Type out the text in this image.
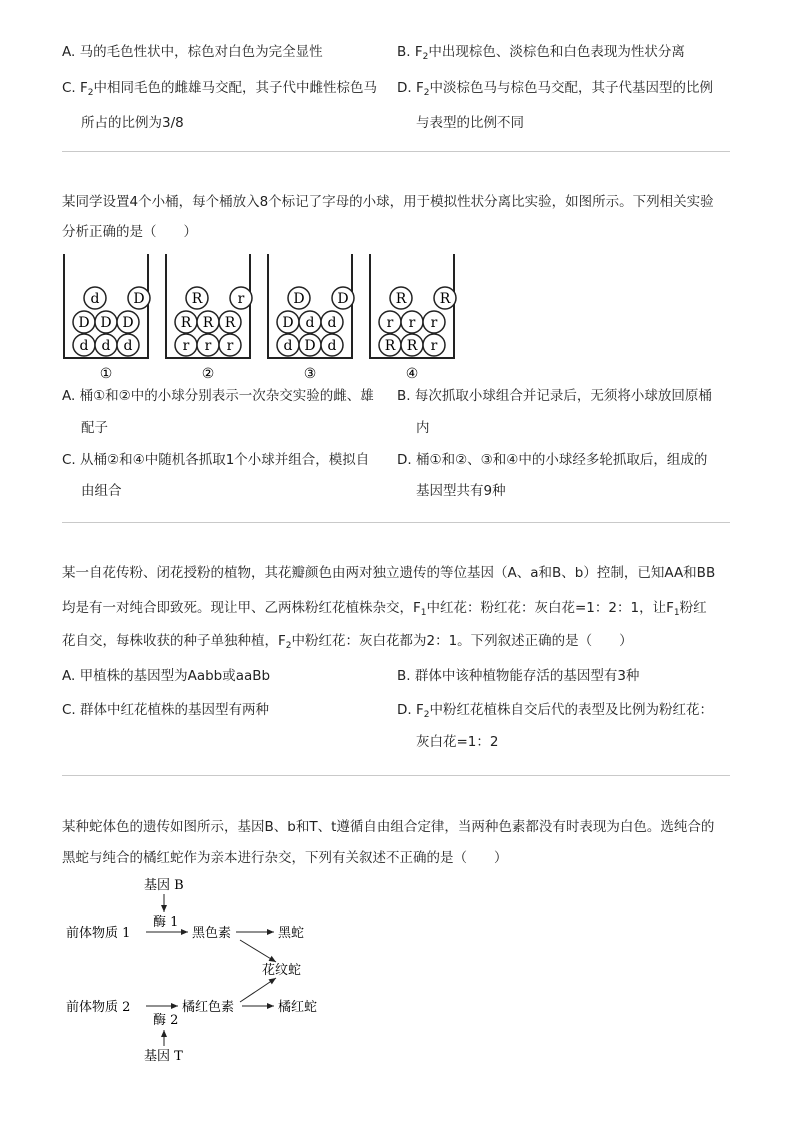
A. 马的毛色性状中，棕色对白色为完全显性	B. $F_2$中出现棕色、淡棕色和白色表现为性状分离
C. $F_2$中相同毛色的雌雄马交配，其子代中雌性棕色马
所占的比例为3/8
D. $F_2$中淡棕色马与棕色马交配，其子代基因型的比例
与表型的比例不同
某同学设置4个小桶，每个桶放入8个标记了字母的小球，用于模拟性状分离比实验，如图所示。下列相关实验
分析正确的是（　　）
d D
D D D
d d d
①
R	r
R R R
r r r
②
D D
D d d
d D d
③
R R
r r r
R R r
④
A. 桶①和②中的小球分别表示一次杂交实验的雌、雄
配子
B. 每次抓取小球组合并记录后，无须将小球放回原桶
内
C. 从桶②和④中随机各抓取1个小球并组合，模拟自
由组合
D. 桶①和②、③和④中的小球经多轮抓取后，组成的
基因型共有9种
某一自花传粉、闭花授粉的植物，其花瓣颜色由两对独立遗传的等位基因（A、a和B、b）控制，已知AA和BB
均是有一对纯合即致死。现让甲、乙两株粉红花植株杂交，$F_1$中红花：粉红花：灰白花=1：2：1，让$F_1$粉红
花自交，每株收获的种子单独种植，$F_2$中粉红花：灰白花都为2：1。下列叙述正确的是（　　）
A. 甲植株的基因型为Aabb或aaBb	B. 群体中该种植物能存活的基因型有3种
C. 群体中红花植株的基因型有两种	D. $F_2$中粉红花植株自交后代的表型及比例为粉红花：
灰白花=1：2
某种蛇体色的遗传如图所示，基因B、b和T、t遵循自由组合定律，当两种色素都没有时表现为白色。选纯合的
黑蛇与纯合的橘红蛇作为亲本进行杂交，下列有关叙述不正确的是（　　）
基因 B
酶 1
前体物质 1	黑色素	黑蛇
花纹蛇
前体物质 2	橘红色素	橘红蛇
酶 2
基因 T
